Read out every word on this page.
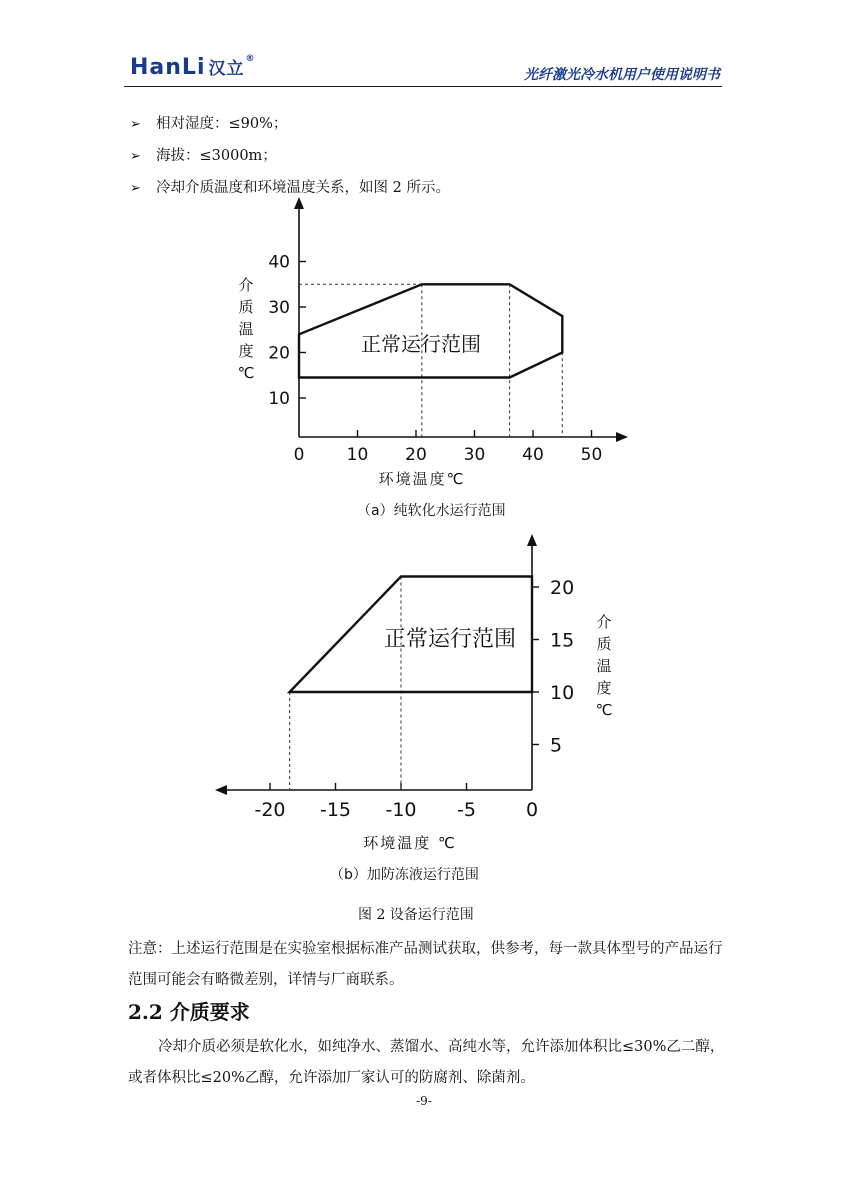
HanLi 汉立®
光纤激光冷水机用户使用说明书
➢ 相对湿度：≤90%；
➢ 海拔：≤3000m；
➢ 冷却介质温度和环境温度关系，如图 2 所示。
0 10 20 30 40 50
10
20
30
40
正常运行范围
环境温度℃
介质温度℃
-20 -15 -10 -5	0
5
10
15
20
正常运行范围
环境温度 ℃
介质温度℃
（a）纯软化水运行范围
（b）加防冻液运行范围
图 2 设备运行范围
注意：上述运行范围是在实验室根据标准产品测试获取，供参考，每一款具体型号的产品运行范围可能会有略微差别，详情与厂商联系。
2.2 介质要求
冷却介质必须是软化水，如纯净水、蒸馏水、高纯水等，允许添加体积比≤30%乙二醇，或者体积比≤20%乙醇，允许添加厂家认可的防腐剂、除菌剂。
-9-
